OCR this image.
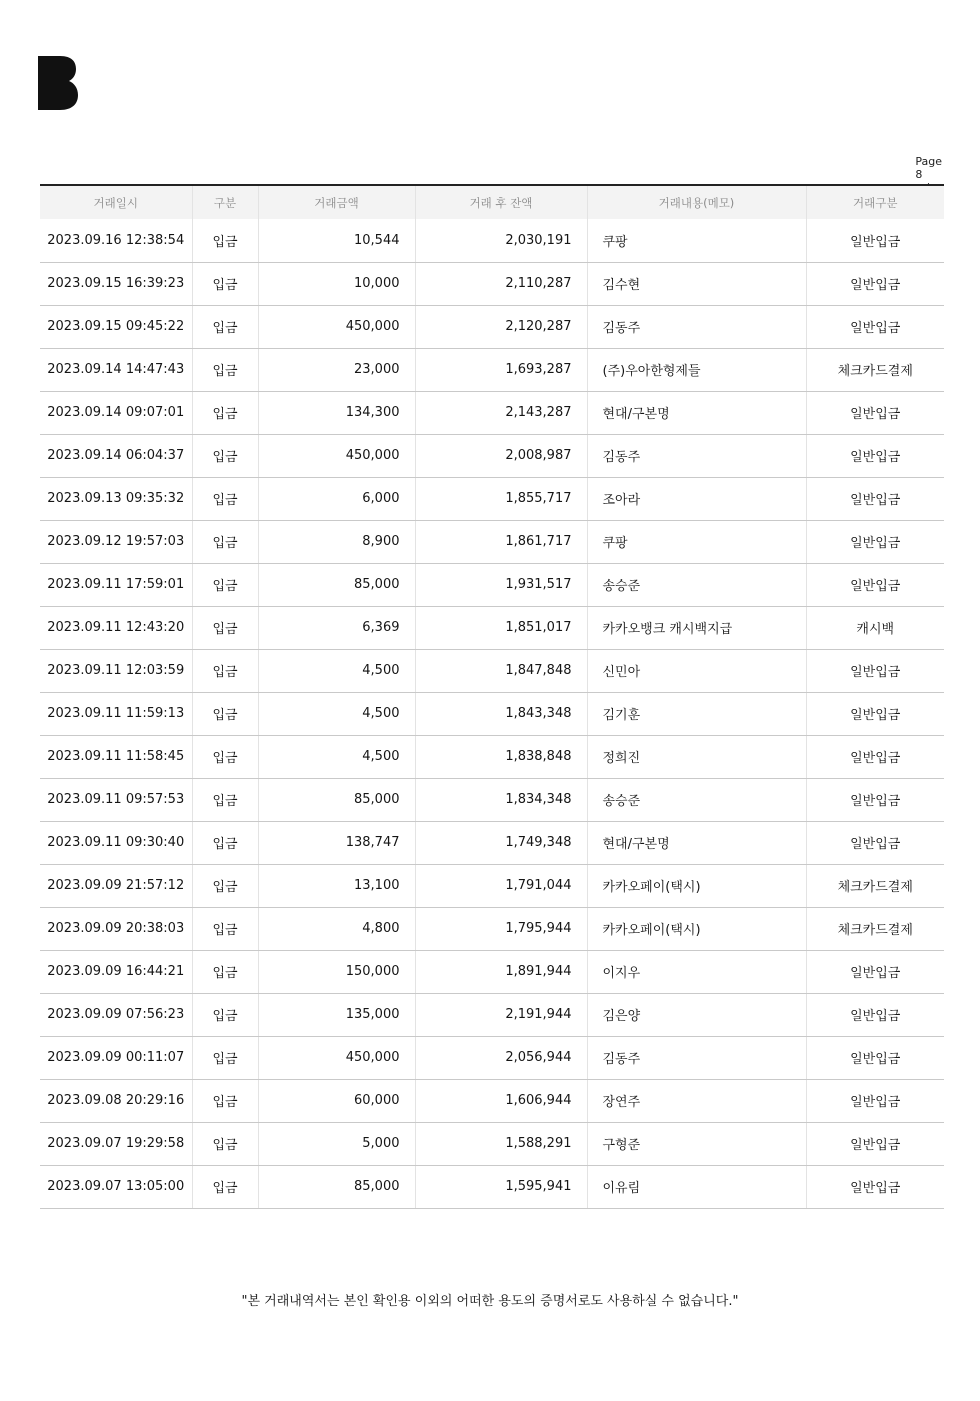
Page
8
/
15

거래일시	구분	거래금액	거래 후 잔액	거래내용(메모)	거래구분
2023.09.16 12:38:54	입금	10,544	2,030,191	쿠팡	일반입금
2023.09.15 16:39:23	입금	10,000	2,110,287	김수현	일반입금
2023.09.15 09:45:22	입금	450,000	2,120,287	김동주	일반입금
2023.09.14 14:47:43	입금	23,000	1,693,287	(주)우아한형제들	체크카드결제
2023.09.14 09:07:01	입금	134,300	2,143,287	현대/구본명	일반입금
2023.09.14 06:04:37	입금	450,000	2,008,987	김동주	일반입금
2023.09.13 09:35:32	입금	6,000	1,855,717	조아라	일반입금
2023.09.12 19:57:03	입금	8,900	1,861,717	쿠팡	일반입금
2023.09.11 17:59:01	입금	85,000	1,931,517	송승준	일반입금
2023.09.11 12:43:20	입금	6,369	1,851,017	카카오뱅크 캐시백지급	캐시백
2023.09.11 12:03:59	입금	4,500	1,847,848	신민아	일반입금
2023.09.11 11:59:13	입금	4,500	1,843,348	김기훈	일반입금
2023.09.11 11:58:45	입금	4,500	1,838,848	정희진	일반입금
2023.09.11 09:57:53	입금	85,000	1,834,348	송승준	일반입금
2023.09.11 09:30:40	입금	138,747	1,749,348	현대/구본명	일반입금
2023.09.09 21:57:12	입금	13,100	1,791,044	카카오페이(택시)	체크카드결제
2023.09.09 20:38:03	입금	4,800	1,795,944	카카오페이(택시)	체크카드결제
2023.09.09 16:44:21	입금	150,000	1,891,944	이지우	일반입금
2023.09.09 07:56:23	입금	135,000	2,191,944	김은양	일반입금
2023.09.09 00:11:07	입금	450,000	2,056,944	김동주	일반입금
2023.09.08 20:29:16	입금	60,000	1,606,944	장연주	일반입금
2023.09.07 19:29:58	입금	5,000	1,588,291	구형준	일반입금
2023.09.07 13:05:00	입금	85,000	1,595,941	이유림	일반입금
"본 거래내역서는 본인 확인용 이외의 어떠한 용도의 증명서로도 사용하실 수 없습니다."
